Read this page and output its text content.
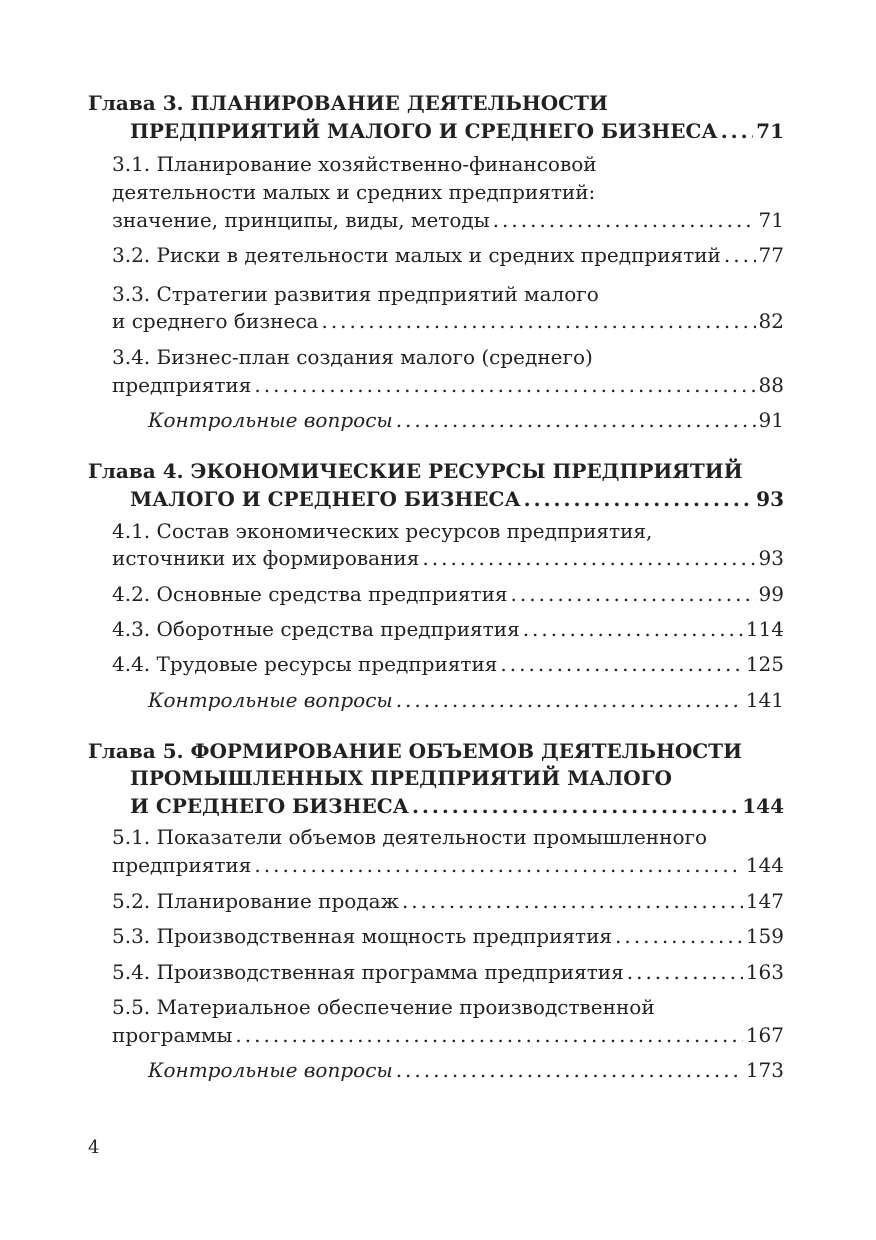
Глава 3. ПЛАНИРОВАНИЕ ДЕЯТЕЛЬНОСТИ
ПРЕДПРИЯТИЙ МАЛОГО И СРЕДНЕГО БИЗНЕСА ..... 71
3.1. Планирование хозяйственно-финансовой
деятельности малых и средних предприятий:
значение, принципы, виды, методы .....	71
3.2. Риски в деятельности малых и средних предприятий ..... 77
3.3. Стратегии развития предприятий малого
и среднего бизнеса .....	82
3.4. Бизнес-план создания малого (среднего)
предприятия .....	88
Контрольные вопросы .....	91
Глава 4. ЭКОНОМИЧЕСКИЕ РЕСУРСЫ ПРЕДПРИЯТИЙ
МАЛОГО И СРЕДНЕГО БИЗНЕСА .....	93
4.1. Состав экономических ресурсов предприятия,
источники их формирования .....	93
4.2. Основные средства предприятия .....	99
4.3. Оборотные средства предприятия .....	114
4.4. Трудовые ресурсы предприятия .....	125
Контрольные вопросы .....	141
Глава 5. ФОРМИРОВАНИЕ ОБЪЕМОВ ДЕЯТЕЛЬНОСТИ
ПРОМЫШЛЕННЫХ ПРЕДПРИЯТИЙ МАЛОГО
И СРЕДНЕГО БИЗНЕСА .....	144
5.1. Показатели объемов деятельности промышленного
предприятия .....	144
5.2. Планирование продаж .....	147
5.3. Производственная мощность предприятия .....	159
5.4. Производственная программа предприятия .....	163
5.5. Материальное обеспечение производственной
программы .....	167
Контрольные вопросы .....	173
4
